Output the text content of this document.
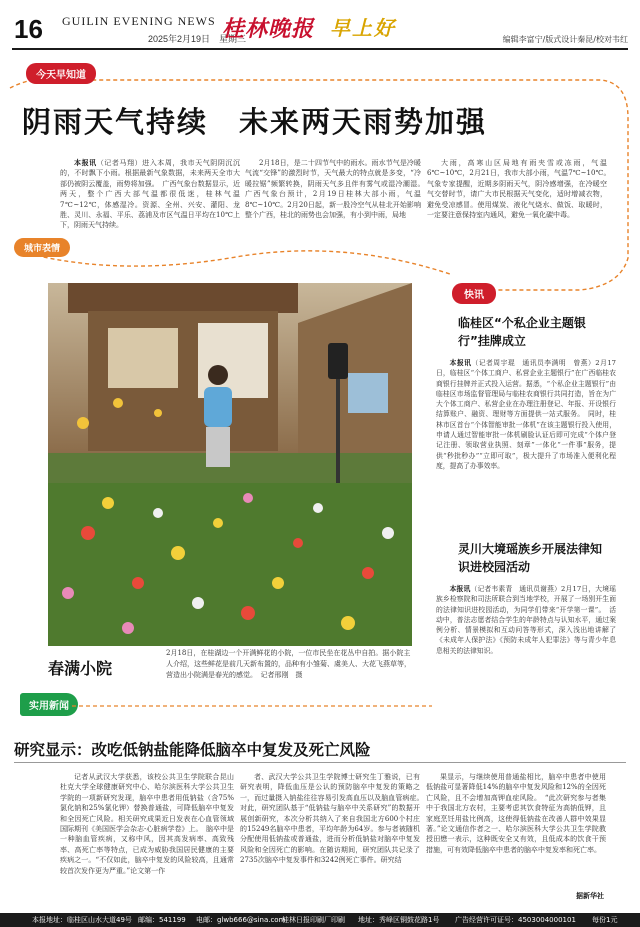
16 GUILIN EVENING NEWS
2025年2月19日　星期三
桂林晚报 早上好	编辑李富宁/版式设计秦昆/校对韦红
今天早知道
阴雨天气持续　未来两天雨势加强
本报讯（记者马翔）进入本周，我市天气阴阴沉沉的，不时飘下小雨。根据最新气象数据，未来两天全市大部仍被阴云覆盖，雨势将加强。　广西气象台数据显示，近两天，整个广西大部气温都很低迷，桂林气温7℃~12℃，体感湿冷。资源、全州、兴安、灌阳、龙胜、灵川、永福、平乐、荔浦及市区气温日平均在10℃上下，阴雨天气持续。
2月18日，是二十四节气中的雨水。雨水节气是冷暖气流“交锋”的激烈时节，天气最大的特点就是多变，“冷暖拉锯”频繁转换，阴雨天气多且伴有雾气或湿冷潮湿。　广西气象台预计，2月19日桂林大部小雨，气温8℃~10℃。2月20日起，新一股冷空气从桂北开始影响整个广西，桂北的雨势也会加强，有小到中雨，局地
大雨，高寒山区局地有雨夹雪或冻雨，气温6℃~10℃，2月21日，我市大部小雨，气温7℃~10℃。　气象专家提醒，近期多阴雨天气，阴冷感增强，在冷暖空气交替时节，请广大市民根据天气变化，适时增减衣物，避免受凉感冒。使用煤炭、液化气烧水、做饭、取暖时，一定要注意保持室内通风，避免一氧化碳中毒。
城市表情
春满小院
2月18日，在桂湖边一个开满鲜花的小院，一位市民坐在花丛中自拍。据小院主人介绍，这些鲜花是前几天新布置的，品种有小雏菊、虞美人、大花飞燕草等，营造出小院满是春光的感觉。　记者邢刚　摄
快讯
临桂区“个私企业主题银行”挂牌成立
本报讯（记者周宇琨　通讯员李满明　曾燕）2月17日，临桂区“个体工商户、私营企业主题银行”在广西临桂农商银行挂牌并正式投入运营。据悉，“个私企业主题银行”由临桂区市场监督管理局与临桂农商银行共同打造，旨在为广大个体工商户、私营企业在办理注册登记、年报、开设银行结算账户、融资、理财等方面提供一站式服务。　同时，桂林市区首台“个体智能审批一体机”在该主题银行投入使用，申请人通过智能审批一体机刷脸认证后即可完成“个体户登记注册、领取营业执照、刻章”一体化“一件事”服务，提供“秒批秒办”“立即可取”，极大提升了市场准入便利化程度，提高了办事效率。
灵川大境瑶族乡开展法律知识进校园活动
本报讯（记者韦素青　通讯员谢燕）2月17日，大境瑶族乡检察院和司法所联合到当地学校，开展了一场别开生面的法律知识进校园活动，为同学们带来“开学第一课”。　活动中，普法志愿者结合学生的年龄特点与认知水平，通过案例分析、情景模拟和互动问答等形式，深入浅出地讲解了《未成年人保护法》《预防未成年人犯罪法》等与青少年息息相关的法律知识。
实用新闻
研究显示：改吃低钠盐能降低脑卒中复发及死亡风险
记者从武汉大学获悉，该校公共卫生学院联合昆山杜克大学全球健康研究中心、哈尔滨医科大学公共卫生学院的一项新研究发现，脑卒中患者用低钠盐（含75%氯化钠和25%氯化钾）替换普通盐，可降低脑卒中复发和全因死亡风险。相关研究成果近日发表在心血管领域国际期刊《美国医学会杂志-心脏病学卷》上。　脑卒中是一种脑血管疾病，又称中风，因其高发病率、高致残率、高死亡率等特点，已成为威胁我国居民健康的主要疾病之一。“不仅如此，脑卒中复发的风险较高，且通常较首次发作更为严重。”论文第一作
者、武汉大学公共卫生学院博士研究生丁雅说，已有研究表明，降低血压是公认的预防脑卒中复发的策略之一，而过量摄入钠盐往往容易引发高血压以及脑血管病症。　对此，研究团队基于“低钠盐与脑卒中关系研究”的数据开展创新研究，本次分析共纳入了来自我国北方600个村庄的15249名脑卒中患者，平均年龄为64岁。参与者被随机分配使用低钠盐或普通盐，进而分析低钠盐对脑卒中复发风险和全因死亡的影响。在随访期间，研究团队共记录了2735次脑卒中复发事件和3242例死亡事件。研究结
果显示，与继续使用普通盐相比，脑卒中患者中使用低钠盐可显著降低14%的脑卒中复发风险和12%的全因死亡风险，且不会增加高钾血症风险。　“此次研究参与者集中于我国北方农村，主要考虑其饮食特征为高钠低钾，且家庭烹饪用盐比例高，这使得低钠盐在改善人群中效果显著。”论文通信作者之一、哈尔滨医科大学公共卫生学院教授田懋一表示，这种既安全又有效，且低成本的饮食干预措施，可有效降低脑卒中患者的脑卒中复发率和死亡率。
据新华社
本报地址：临桂区山水大道49号 邮编：541199 电邮：glwb666@sina.com
桂林日报印刷厂印刷 地址：秀峰区铜鼓花路1号 广告经营许可证号：4503004000101 每份1元
